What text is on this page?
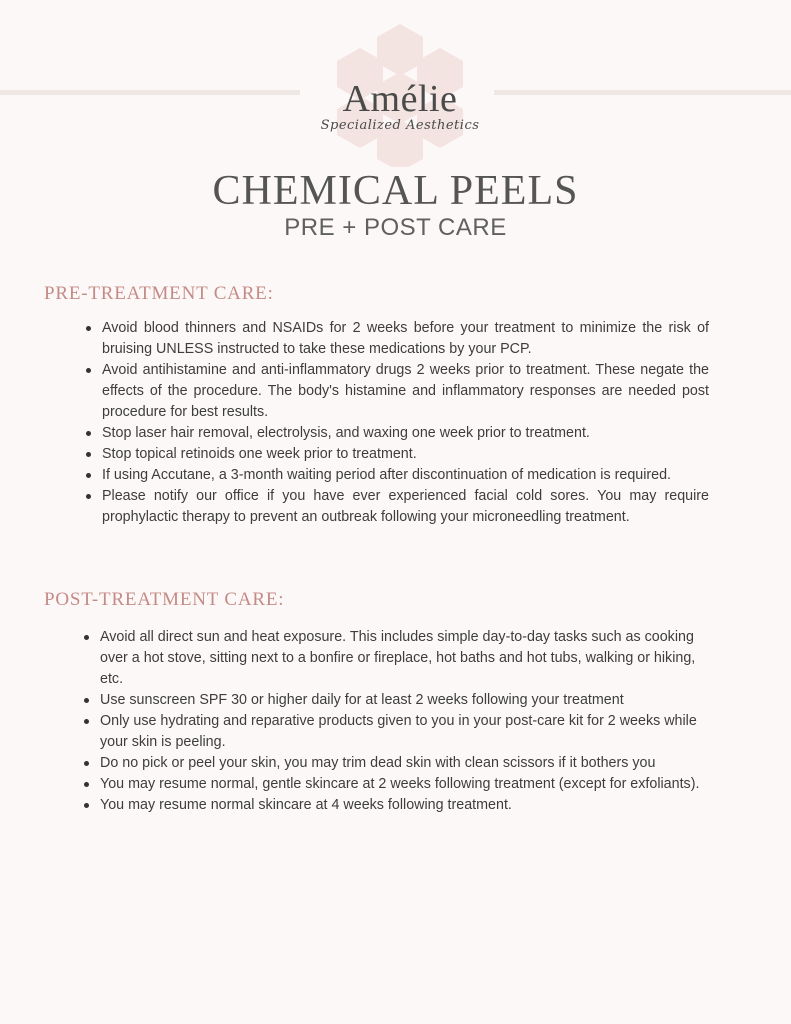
Amélie
Specialized Aesthetics
CHEMICAL PEELS
PRE + POST CARE
PRE-TREATMENT CARE:
Avoid blood thinners and NSAIDs for 2 weeks before your treatment to minimize the risk of bruising UNLESS instructed to take these medications by your PCP.
Avoid antihistamine and anti-inflammatory drugs 2 weeks prior to treatment. These negate the effects of the procedure. The body's histamine and inflammatory responses are needed post procedure for best results.
Stop laser hair removal, electrolysis, and waxing one week prior to treatment.
Stop topical retinoids one week prior to treatment.
If using Accutane, a 3-month waiting period after discontinuation of medication is required.
Please notify our office if you have ever experienced facial cold sores. You may require prophylactic therapy to prevent an outbreak following your microneedling treatment.
POST-TREATMENT CARE:
Avoid all direct sun and heat exposure. This includes simple day-to-day tasks such as cooking over a hot stove, sitting next to a bonfire or fireplace, hot baths and hot tubs, walking or hiking, etc.
Use sunscreen SPF 30 or higher daily for at least 2 weeks following your treatment
Only use hydrating and reparative products given to you in your post-care kit for 2 weeks while your skin is peeling.
Do no pick or peel your skin, you may trim dead skin with clean scissors if it bothers you
You may resume normal, gentle skincare at 2 weeks following treatment (except for exfoliants).
You may resume normal skincare at 4 weeks following treatment.
